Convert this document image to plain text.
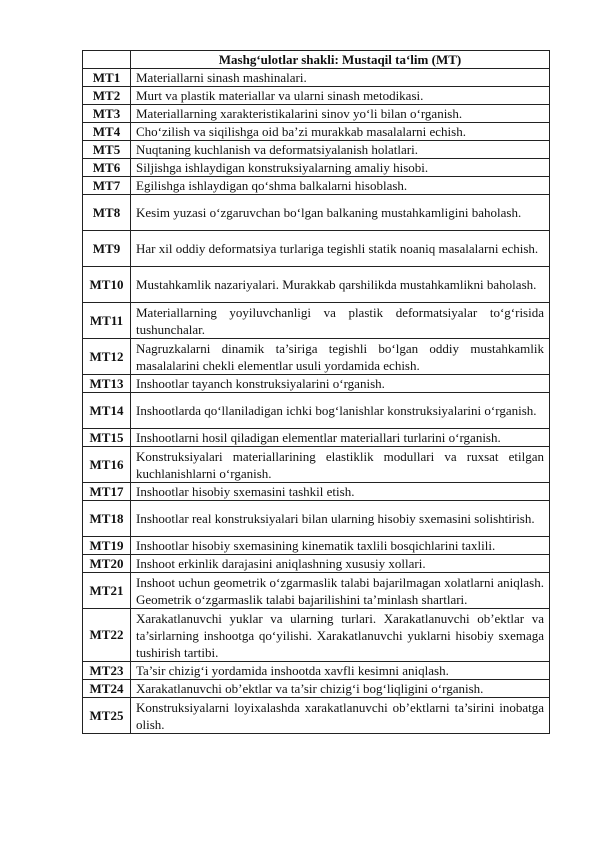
	Mashg‘ulotlar shakli: Mustaqil ta‘lim (MT)
MT1	Materiallarni sinash mashinalari.
MT2	Murt va plastik materiallar va ularni sinash metodikasi.
MT3	Materiallarning xarakteristikalarini sinov yo‘li bilan o‘rganish.
MT4	Cho‘zilish va siqilishga oid ba’zi murakkab masalalarni echish.
MT5	Nuqtaning kuchlanish va deformatsiyalanish holatlari.
MT6	Siljishga ishlaydigan konstruksiyalarning amaliy hisobi.
MT7	Egilishga ishlaydigan qo‘shma balkalarni hisoblash.
MT8	Kesim yuzasi o‘zgaruvchan bo‘lgan balkaning mustahkamligini baholash.
MT9	Har xil oddiy deformatsiya turlariga tegishli statik noaniq masalalarni echish.
MT10	Mustahkamlik nazariyalari. Murakkab qarshilikda mustahkamlikni baholash.
MT11	Materiallarning yoyiluvchanligi va plastik deformatsiyalar to‘g‘risida tushunchalar.
MT12	Nagruzkalarni dinamik ta’siriga tegishli bo‘lgan oddiy mustahkamlik masalalarini chekli elementlar usuli yordamida echish.
MT13	Inshootlar tayanch konstruksiyalarini o‘rganish.
MT14	Inshootlarda qo‘llaniladigan ichki bog‘lanishlar konstruksiyalarini o‘rganish.
MT15	Inshootlarni hosil qiladigan elementlar materiallari turlarini o‘rganish.
MT16	Konstruksiyalari materiallarining elastiklik modullari va ruxsat etilgan kuchlanishlarni o‘rganish.
MT17	Inshootlar hisobiy sxemasini tashkil etish.
MT18	Inshootlar real konstruksiyalari bilan ularning hisobiy sxemasini solishtirish.
MT19	Inshootlar hisobiy sxemasining kinematik taxlili bosqichlarini taxlili.
MT20	Inshoot erkinlik darajasini aniqlashning xususiy xollari.
MT21	Inshoot uchun geometrik o‘zgarmaslik talabi bajarilmagan xolatlarni aniqlash. Geometrik o‘zgarmaslik talabi bajarilishini ta’minlash shartlari.
MT22	Xarakatlanuvchi yuklar va ularning turlari. Xarakatlanuvchi ob’ektlar va ta’sirlarning inshootga qo‘yilishi. Xarakatlanuvchi yuklarni hisobiy sxemaga tushirish tartibi.
MT23	Ta’sir chizig‘i yordamida inshootda xavfli kesimni aniqlash.
MT24	Xarakatlanuvchi ob’ektlar va ta’sir chizig‘i bog‘liqligini o‘rganish.
MT25	Konstruksiyalarni loyixalashda xarakatlanuvchi ob’ektlarni ta’sirini inobatga olish.
